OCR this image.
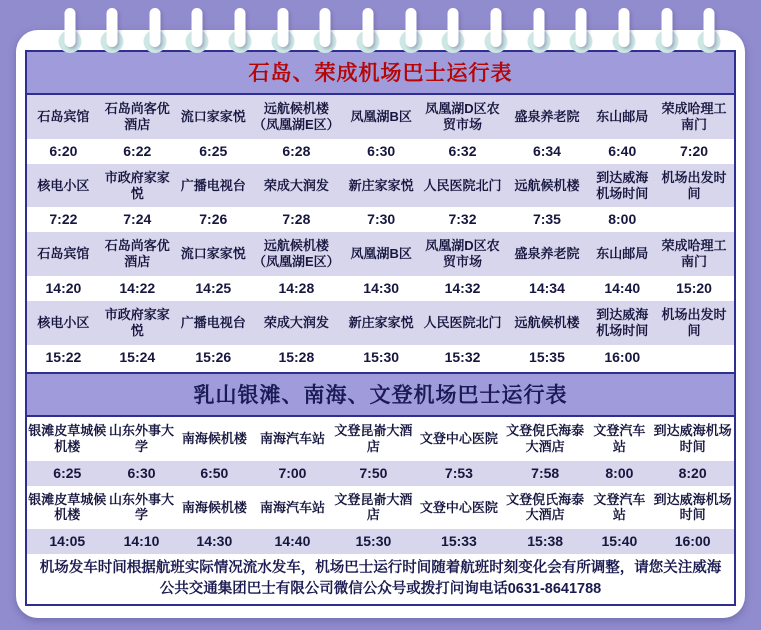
石岛、荣成机场巴士运行表
石岛宾馆	石岛尚客优酒店	流口家家悦	远航候机楼（凤凰湖E区）	凤凰湖B区	凤凰湖D区农贸市场	盛泉养老院	东山邮局	荣成哈理工南门
6:20	6:22	6:25	6:28	6:30	6:32	6:34	6:40	7:20
核电小区	市政府家家悦	广播电视台	荣成大润发	新庄家家悦	人民医院北门	远航候机楼	到达威海机场时间	机场出发时间
7:22	7:24	7:26	7:28	7:30	7:32	7:35	8:00	
石岛宾馆	石岛尚客优酒店	流口家家悦	远航候机楼（凤凰湖E区）	凤凰湖B区	凤凰湖D区农贸市场	盛泉养老院	东山邮局	荣成哈理工南门
14:20	14:22	14:25	14:28	14:30	14:32	14:34	14:40	15:20
核电小区	市政府家家悦	广播电视台	荣成大润发	新庄家家悦	人民医院北门	远航候机楼	到达威海机场时间	机场出发时间
15:22	15:24	15:26	15:28	15:30	15:32	15:35	16:00	
乳山银滩、南海、文登机场巴士运行表
银滩皮草城候机楼	山东外事大学	南海候机楼	南海汽车站	文登昆嵛大酒店	文登中心医院	文登倪氏海泰大酒店	文登汽车站	到达威海机场时间
6:25	6:30	6:50	7:00	7:50	7:53	7:58	8:00	8:20
银滩皮草城候机楼	山东外事大学	南海候机楼	南海汽车站	文登昆嵛大酒店	文登中心医院	文登倪氏海泰大酒店	文登汽车站	到达威海机场时间
14:05	14:10	14:30	14:40	15:30	15:33	15:38	15:40	16:00
机场发车时间根据航班实际情况流水发车，机场巴士运行时间随着航班时刻变化会有所调整，请您关注威海公共交通集团巴士有限公司微信公众号或拨打问询电话0631-8641788
